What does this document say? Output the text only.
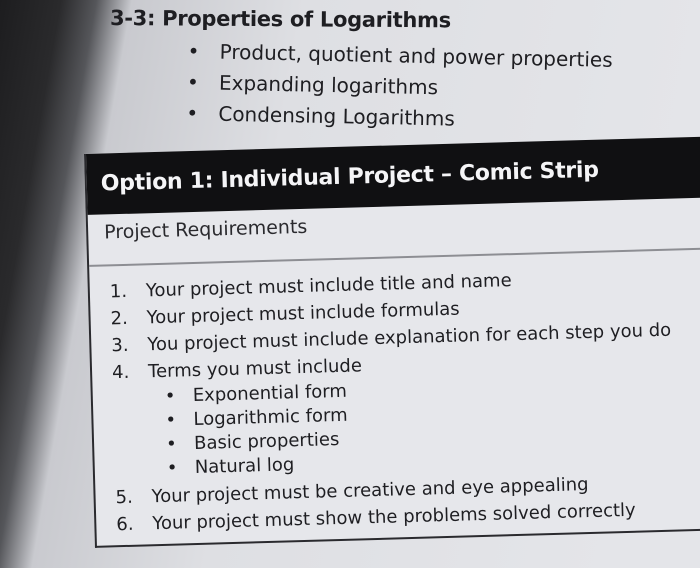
3-3: Properties of Logarithms
• Product, quotient and power properties
• Expanding logarithms
• Condensing Logarithms
Option 1: Individual Project – Comic Strip
Project Requirements
1.	Your project must include title and name
2.	Your project must include formulas
3.	You project must include explanation for each step you do
4.	Terms you must include
• Exponential form
• Logarithmic form
• Basic properties
• Natural log
5.	Your project must be creative and eye appealing
6.	Your project must show the problems solved correctly
